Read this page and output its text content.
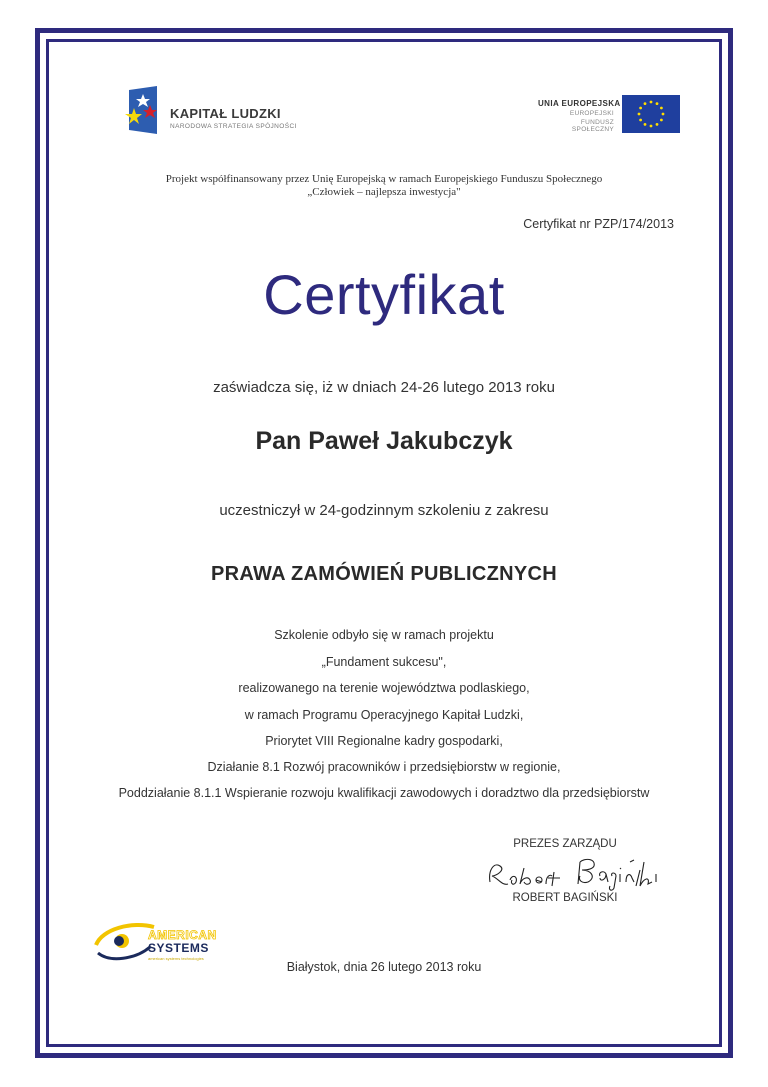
KAPITAŁ LUDZKI
NARODOWA STRATEGIA SPÓJNOŚCI
UNIA EUROPEJSKA
EUROPEJSKI
FUNDUSZ SPOŁECZNY
Projekt współfinansowany przez Unię Europejską w ramach Europejskiego Funduszu Społecznego
„Człowiek – najlepsza inwestycja"
Certyfikat nr PZP/174/2013
Certyfikat
zaświadcza się, iż w dniach 24-26 lutego 2013 roku
Pan Paweł Jakubczyk
uczestniczył w 24-godzinnym szkoleniu z zakresu
PRAWA ZAMÓWIEŃ PUBLICZNYCH
Szkolenie odbyło się w ramach projektu
„Fundament sukcesu",
realizowanego na terenie województwa podlaskiego,
w ramach Programu Operacyjnego Kapitał Ludzki,
Priorytet VIII Regionalne kadry gospodarki,
Działanie 8.1 Rozwój pracowników i przedsiębiorstw w regionie,
Poddziałanie 8.1.1 Wspieranie rozwoju kwalifikacji zawodowych i doradztwo dla przedsiębiorstw
PREZES ZARZĄDU
ROBERT BAGIŃSKI
AMERICAN
SYSTEMS
american systems technologies
Białystok, dnia 26 lutego 2013 roku
